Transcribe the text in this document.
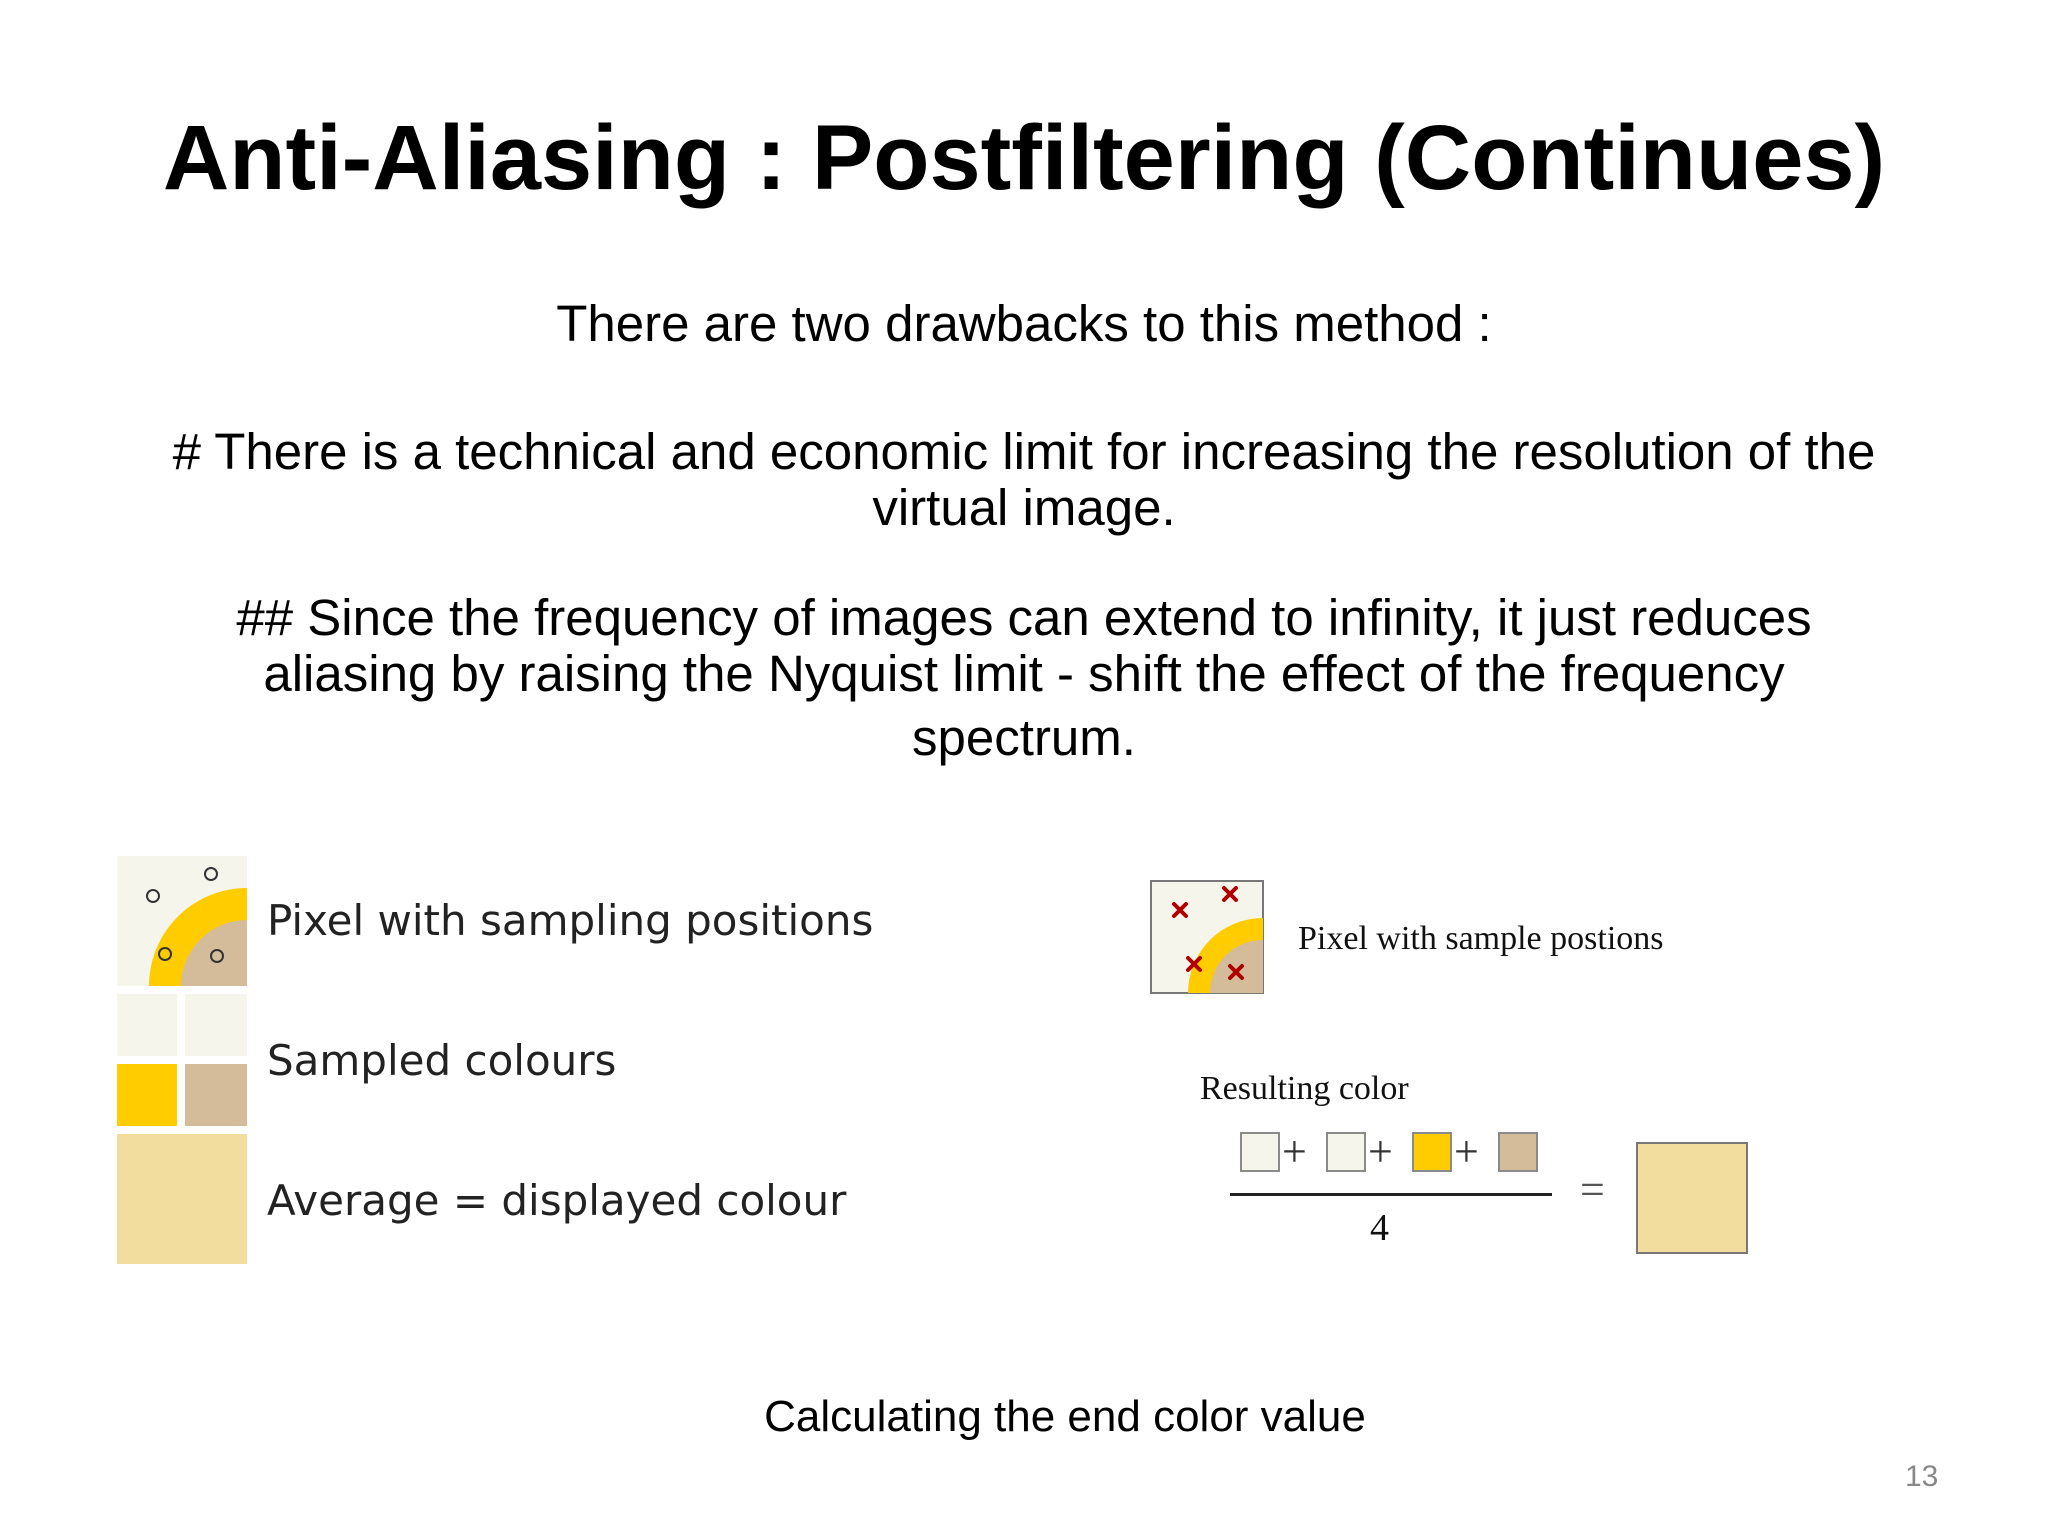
Anti-Aliasing : Postfiltering (Continues)
There are two drawbacks to this method :
# There is a technical and economic limit for increasing the resolution of the
virtual image.
## Since the frequency of images can extend to infinity, it just reduces
aliasing by raising the Nyquist limit - shift the effect of the frequency
spectrum.
Pixel with sampling positions
Sampled colours
Average = displayed colour
Pixel with sample postions
Resulting color
+ + +
4
=
Calculating the end color value
13
